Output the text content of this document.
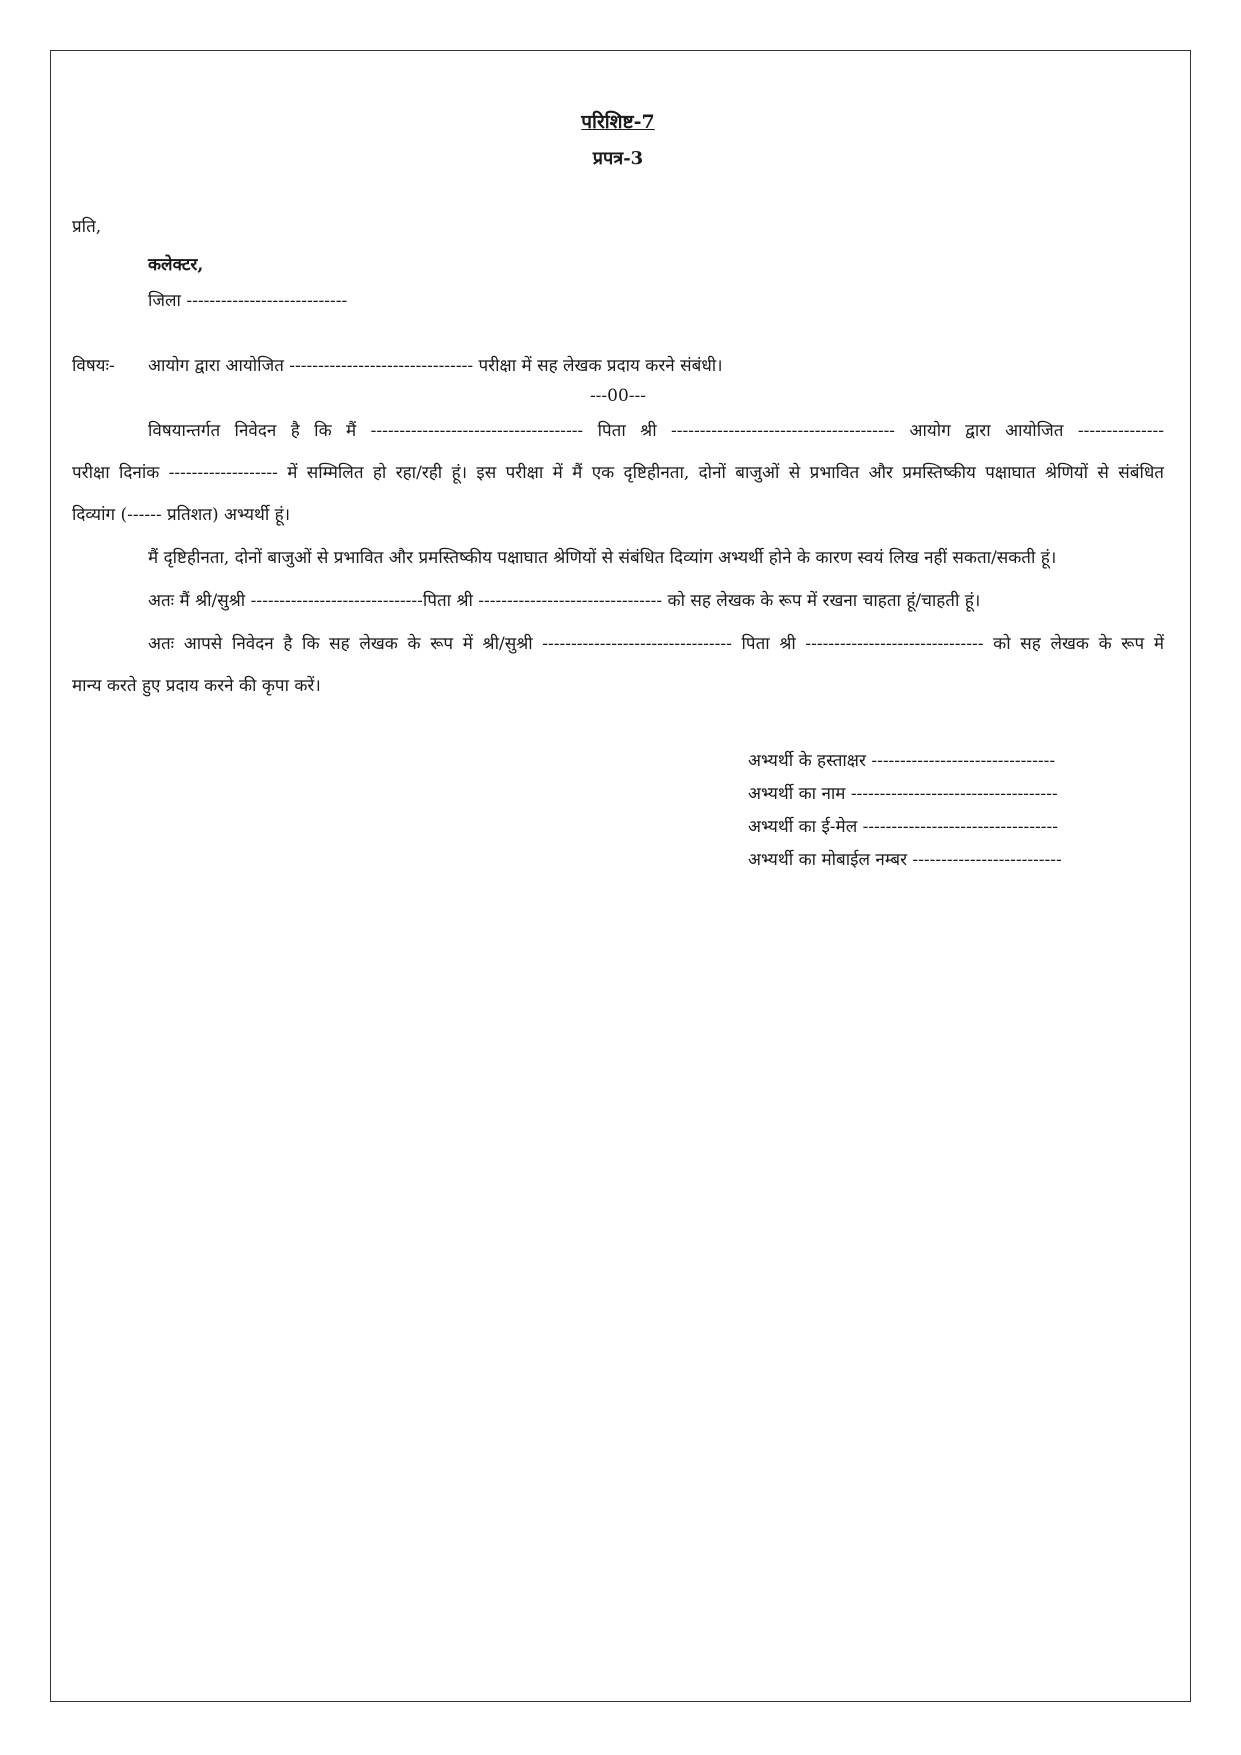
परिशिष्ट-7
प्रपत्र-3
प्रति,
कलेक्टर,
जिला ----------------------------
विषयः- आयोग द्वारा आयोजित -------------------------------- परीक्षा में सह लेखक प्रदाय करने संबंधी।
---00---
विषयान्तर्गत निवेदन है कि मैं ------------------------------------- पिता श्री --------------------------------------- आयोग द्वारा आयोजित ---------------
परीक्षा दिनांक ------------------- में सम्मिलित हो रहा/रही हूं। इस परीक्षा में मैं एक दृष्टिहीनता, दोनों बाजुओं से प्रभावित और प्रमस्तिष्कीय पक्षाघात श्रेणियों से संबंधित
दिव्यांग (------ प्रतिशत) अभ्यर्थी हूं।
मैं दृष्टिहीनता, दोनों बाजुओं से प्रभावित और प्रमस्तिष्कीय पक्षाघात श्रेणियों से संबंधित दिव्यांग अभ्यर्थी होने के कारण स्वयं लिख नहीं सकता/सकती हूं।
अतः मैं श्री/सुश्री ------------------------------पिता श्री -------------------------------- को सह लेखक के रूप में रखना चाहता हूं/चाहती हूं।
अतः आपसे निवेदन है कि सह लेखक के रूप में श्री/सुश्री --------------------------------- पिता श्री ------------------------------- को सह लेखक के रूप में
मान्य करते हुए प्रदाय करने की कृपा करें।
अभ्यर्थी के हस्ताक्षर --------------------------------
अभ्यर्थी का नाम ------------------------------------
अभ्यर्थी का ई-मेल ----------------------------------
अभ्यर्थी का मोबाईल नम्बर --------------------------
